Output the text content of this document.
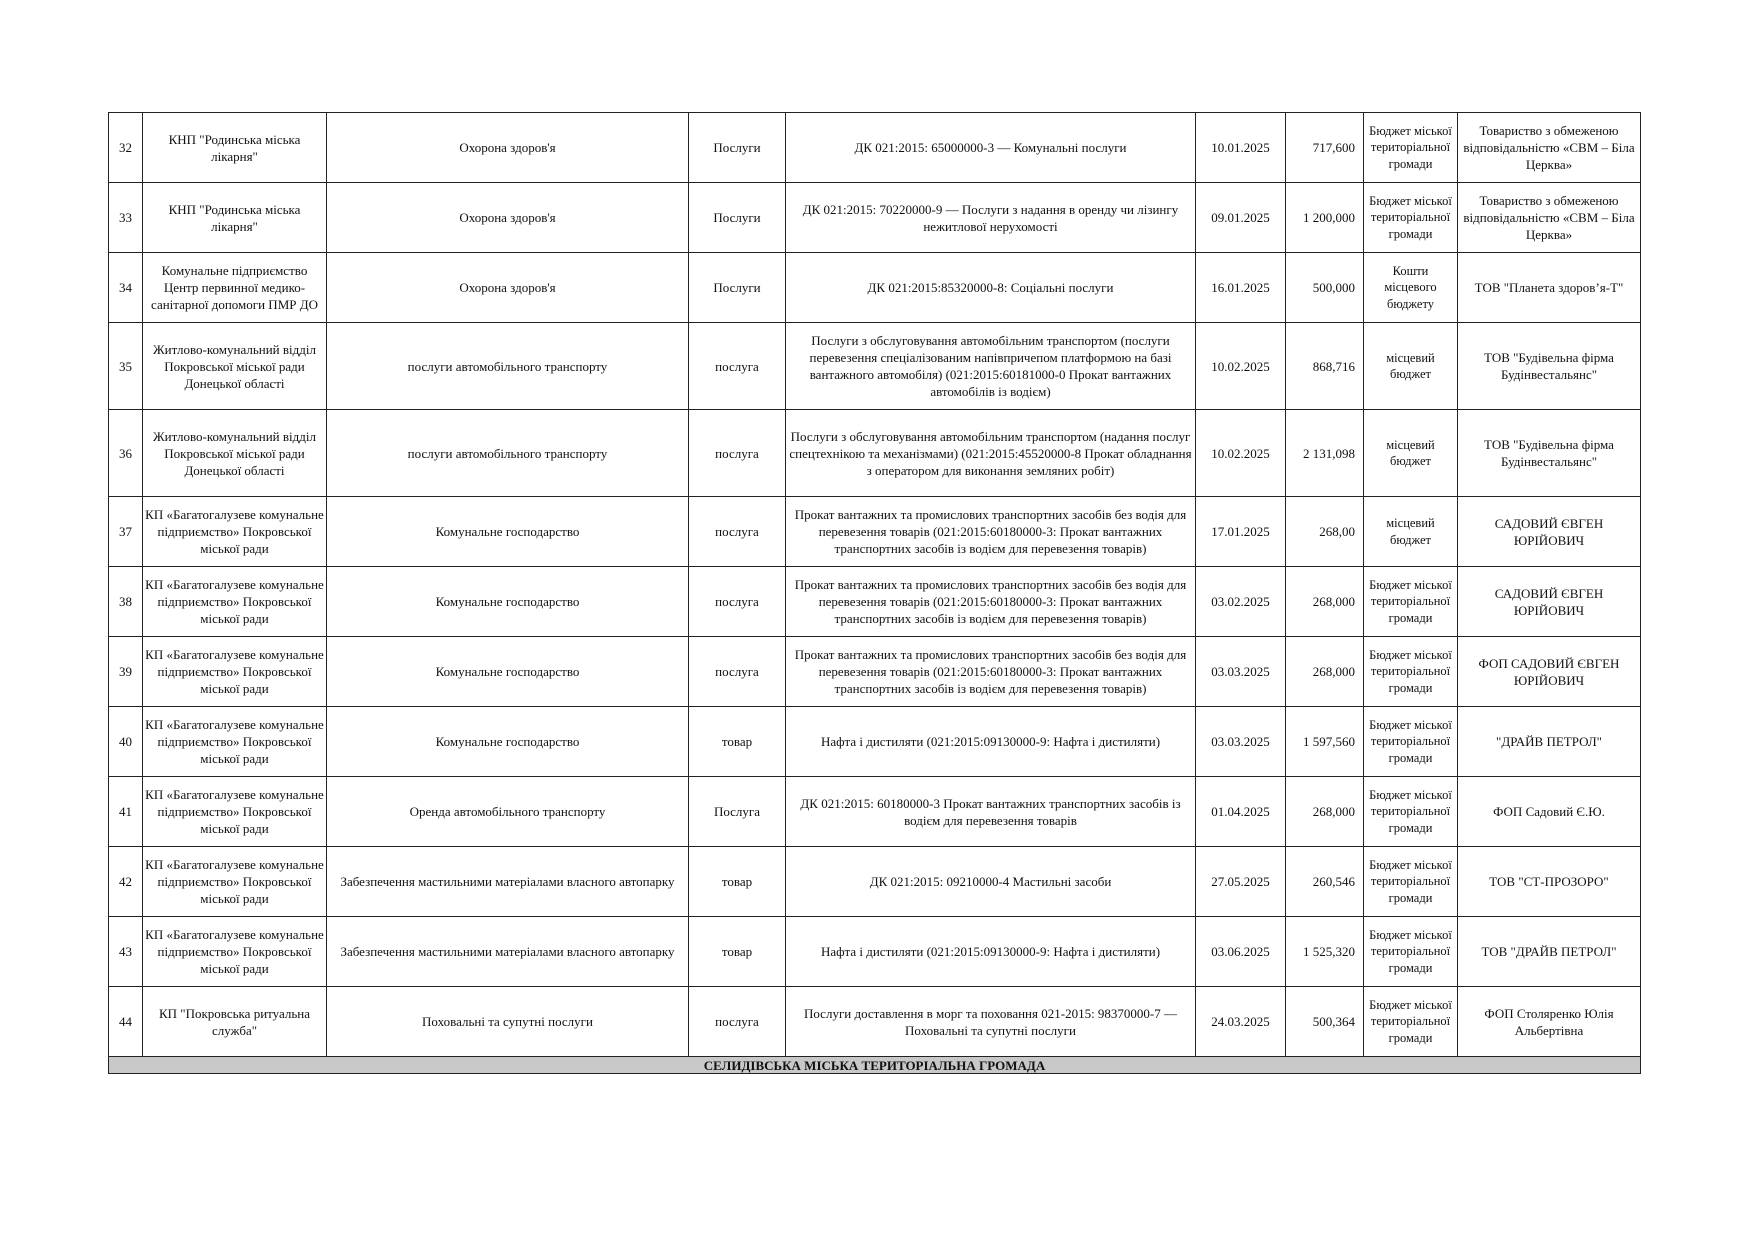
32	КНП "Родинська міська лікарня"	Охорона здоров'я	Послуги	ДК 021:2015: 65000000-3 — Комунальні послуги	10.01.2025	717,600	Бюджет міської територіальної громади	Товариство з обмеженою відповідальністю «СВМ – Біла Церква»
33	КНП "Родинська міська лікарня"	Охорона здоров'я	Послуги	ДК 021:2015: 70220000-9 — Послуги з надання в оренду чи лізингу нежитлової нерухомості	09.01.2025	1 200,000	Бюджет міської територіальної громади	Товариство з обмеженою відповідальністю «СВМ – Біла Церква»
34	Комунальне підприємство Центр первинної медико-санітарної допомоги ПМР ДО	Охорона здоров'я	Послуги	ДК 021:2015:85320000-8: Соціальні послуги	16.01.2025	500,000	Кошти місцевого бюджету	ТОВ "Планета здоров’я-Т"
35	Житлово-комунальний відділ Покровської міської ради Донецької області	послуги автомобільного транспорту	послуга	Послуги з обслуговування автомобільним транспортом (послуги перевезення спеціалізованим напівпричепом платформою на базі вантажного автомобіля) (021:2015:60181000-0 Прокат вантажних автомобілів із водієм)	10.02.2025	868,716	місцевий бюджет	ТОВ "Будівельна фірма Будінвестальянс"
36	Житлово-комунальний відділ Покровської міської ради Донецької області	послуги автомобільного транспорту	послуга	Послуги з обслуговування автомобільним транспортом (надання послуг спецтехнікою та механізмами) (021:2015:45520000-8 Прокат обладнання з оператором для виконання земляних робіт)	10.02.2025	2 131,098	місцевий бюджет	ТОВ "Будівельна фірма Будінвестальянс"
37	КП «Багатогалузеве комунальне підприємство» Покровської міської ради	Комунальне господарство	послуга	Прокат вантажних та промислових транспортних засобів без водія для перевезення товарів (021:2015:60180000-3: Прокат вантажних транспортних засобів із водієм для перевезення товарів)	17.01.2025	268,00	місцевий бюджет	САДОВИЙ ЄВГЕН ЮРІЙОВИЧ
38	КП «Багатогалузеве комунальне підприємство» Покровської міської ради	Комунальне господарство	послуга	Прокат вантажних та промислових транспортних засобів без водія для перевезення товарів (021:2015:60180000-3: Прокат вантажних транспортних засобів із водієм для перевезення товарів)	03.02.2025	268,000	Бюджет міської територіальної громади	САДОВИЙ ЄВГЕН ЮРІЙОВИЧ
39	КП «Багатогалузеве комунальне підприємство» Покровської міської ради	Комунальне господарство	послуга	Прокат вантажних та промислових транспортних засобів без водія для перевезення товарів (021:2015:60180000-3: Прокат вантажних транспортних засобів із водієм для перевезення товарів)	03.03.2025	268,000	Бюджет міської територіальної громади	ФОП САДОВИЙ ЄВГЕН ЮРІЙОВИЧ
40	КП «Багатогалузеве комунальне підприємство» Покровської міської ради	Комунальне господарство	товар	Нафта і дистиляти (021:2015:09130000-9: Нафта і дистиляти)	03.03.2025	1 597,560	Бюджет міської територіальної громади	"ДРАЙВ ПЕТРОЛ"
41	КП «Багатогалузеве комунальне підприємство» Покровської міської ради	Оренда автомобільного транспорту	Послуга	ДК 021:2015: 60180000-3 Прокат вантажних транспортних засобів із водієм для перевезення товарів	01.04.2025	268,000	Бюджет міської територіальної громади	ФОП Садовий Є.Ю.
42	КП «Багатогалузеве комунальне підприємство» Покровської міської ради	Забезпечення мастильними матеріалами власного автопарку	товар	ДК 021:2015: 09210000-4 Мастильні засоби	27.05.2025	260,546	Бюджет міської територіальної громади	ТОВ "СТ-ПРОЗОРО"
43	КП «Багатогалузеве комунальне підприємство» Покровської міської ради	Забезпечення мастильними матеріалами власного автопарку	товар	Нафта і дистиляти (021:2015:09130000-9: Нафта і дистиляти)	03.06.2025	1 525,320	Бюджет міської територіальної громади	ТОВ "ДРАЙВ ПЕТРОЛ"
44	КП "Покровська ритуальна служба"	Поховальні та супутні послуги	послуга	Послуги доставлення в морг та поховання 021-2015: 98370000-7 — Поховальні та супутні послуги	24.03.2025	500,364	Бюджет міської територіальної громади	ФОП Столяренко Юлія Альбертівна
СЕЛИДІВСЬКА МІСЬКА ТЕРИТОРІАЛЬНА ГРОМАДА								
